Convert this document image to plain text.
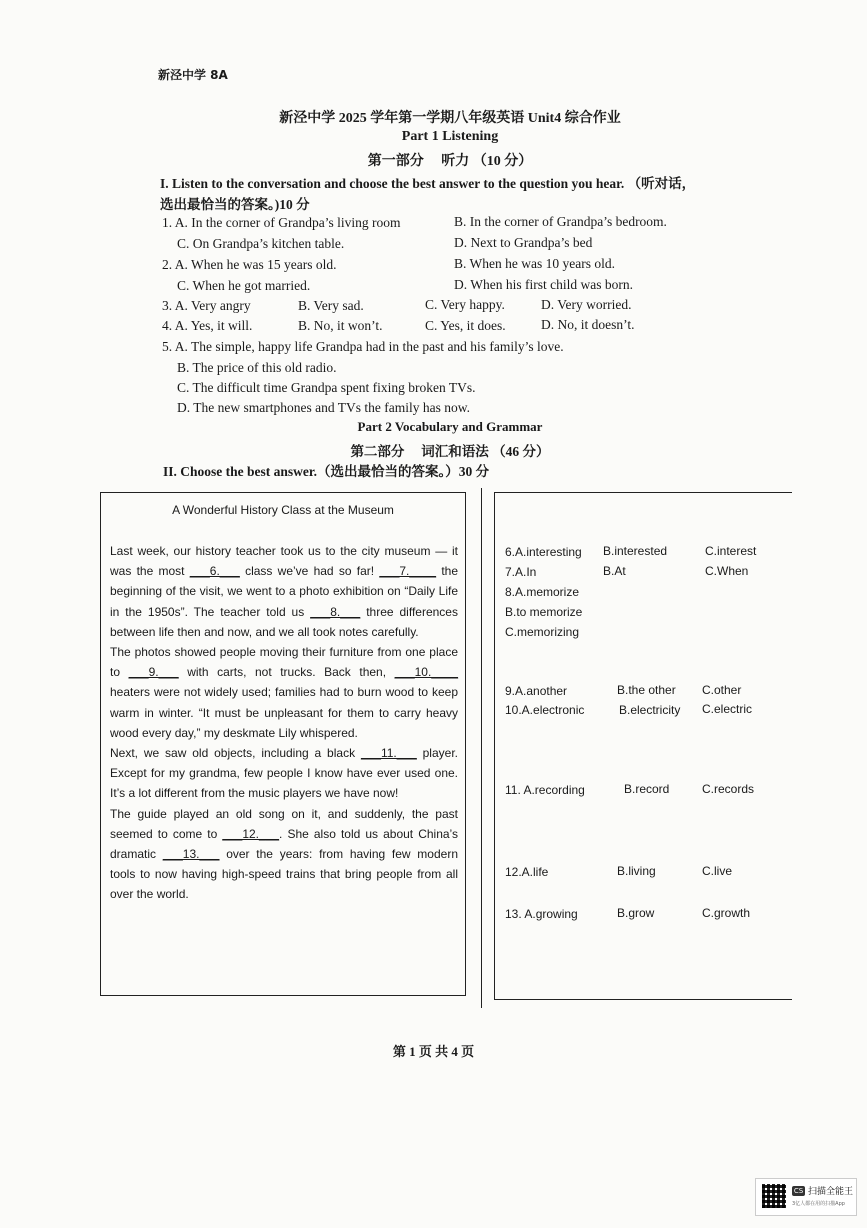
新泾中学 8A
新泾中学 2025 学年第一学期八年级英语 Unit4 综合作业
Part 1 Listening
第一部分　 听力 （10 分）
I. Listen to the conversation and choose the best answer to the question you hear. （听对话，
选出最恰当的答案。)10 分
1. A. In the corner of Grandpa’s living room	B. In the corner of Grandpa’s bedroom.
C. On Grandpa’s kitchen table.	D. Next to Grandpa’s bed
2. A. When he was 15 years old.	B. When he was 10 years old.
C. When he got married.	D. When his first child was born.
3. A. Very angry	B. Very sad.	C. Very happy.	D. Very worried.
4. A. Yes, it will.	B. No, it won’t.	C. Yes, it does.	D. No, it doesn’t.
5. A. The simple, happy life Grandpa had in the past and his family’s love.
B. The price of this old radio.
C. The difficult time Grandpa spent fixing broken TVs.
D. The new smartphones and TVs the family has now.
Part 2 Vocabulary and Grammar
第二部分　 词汇和语法 （46 分）
II. Choose the best answer.（选出最恰当的答案。）30 分
A Wonderful History Class at the Museum

Last week, our history teacher took us to the city museum — it was the most ___6.___ class we’ve had so far! ___7.____ the beginning of the visit, we went to a photo exhibition on “Daily Life in the 1950s”. The teacher told us ___8.___ three differences between life then and now, and we all took notes carefully.

The photos showed people moving their furniture from one place to ___9.___ with carts, not trucks. Back then, ___10.____ heaters were not widely used; families had to burn wood to keep warm in winter. “It must be unpleasant for them to carry heavy wood every day,” my deskmate Lily whispered.

Next, we saw old objects, including a black ___11.___ player. Except for my grandma, few people I know have ever used one. It’s a lot different from the music players we have now!

The guide played an old song on it, and suddenly, the past seemed to come to ___12.___. She also told us about China’s dramatic ___13.___ over the years: from having few modern tools to now having high-speed trains that bring people from all over the world.

6.A.interesting B.interested	C.interest
7.A.In	B.At	C.When
8.A.memorize
B.to memorize
C.memorizing
9.A.another	B.the other C.other
10.A.electronic	B.electricity C.electric
11. A.recording	B.record	C.records
12.A.life	B.living	C.live
13. A.growing	B.grow	C.growth
第 1 页 共 4 页
CS 扫描全能王
3亿人都在用的扫描App
